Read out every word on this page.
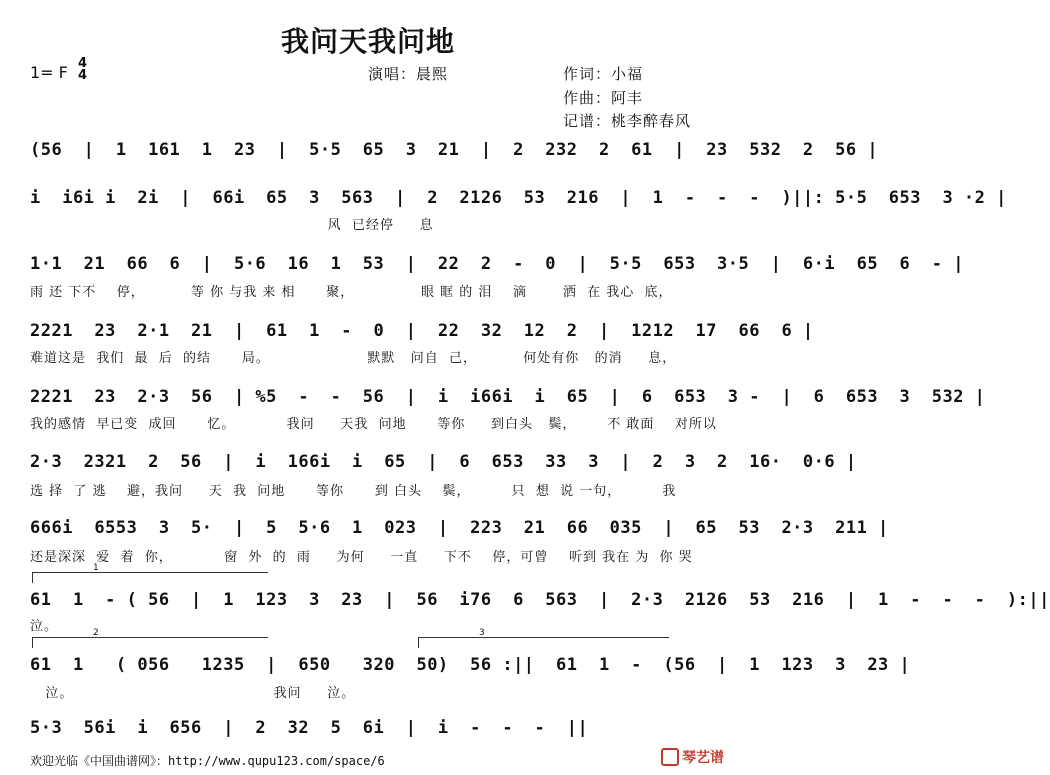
我问天我问地
1= F 4
4	演唱：晨熙	作词：小福
作曲：阿丰
记谱：桃李醉春风
(56  |  1  161  1  23  |  5·5  65  3  21  |  2  232  2  61  |  23  532  2  56 |
i  i6i i  2i  |  66i  65  3  563  |  2  2126  53  216  |  1  -  -  -  )||: 5·5  653  3 ·2 |
风  已经停     息
1·1  21  66  6  |  5·6  16  1  53  |  22  2  -  0  |  5·5  653  3·5  |  6·i  65  6  - |
雨 还 下不    停，         等 你 与我 来 相      聚，             眼 眶 的 泪    滴       洒  在 我心  底，
2221  23  2·1  21  |  61  1  -  0  |  22  32  12  2  |  1212  17  66  6 |
难道这是  我们  最  后  的结      局。                   默默   问自  己，         何处有你   的消     息，
2221  23  2·3  56  | %5  -  -  56  |  i  i66i  i  65  |  6  653  3 -  |  6  653  3  532 |
我的感情  早已变  成回      忆。          我问     天我  问地      等你     到白头   鬓，      不 敢面    对所以
2·3  2321  2  56  |  i  166i  i  65  |  6  653  33  3  |  2  3  2  16·  0·6 |
选 择  了 逃    避，我问     天  我  问地      等你      到 白头    鬓，        只  想  说 一句，        我
666i  6553  3  5·  |  5  5·6  1  023  |  223  21  66  035  |  65  53  2·3  211 |
还是深深  爱  着  你，          窗  外  的  雨     为何     一直     下不    停，可曾    听到 我在 为  你 哭
1
61  1  - ( 56  |  1  123  3  23  |  56  i76  6  563  |  2·3  2126  53  216  |  1  -  -  -  ):||
泣。	2	3
61  1   ( 056   1235  |  650   320  50)  56 :||  61  1  -  (56  |  1  123  3  23 |
泣。                                       我问     泣。
5·3  56i  i  656  |  2  32  5  6i  |  i  -  -  -  ||
欢迎光临《中国曲谱网》：http://www.qupu123.com/space/6	琴艺谱
